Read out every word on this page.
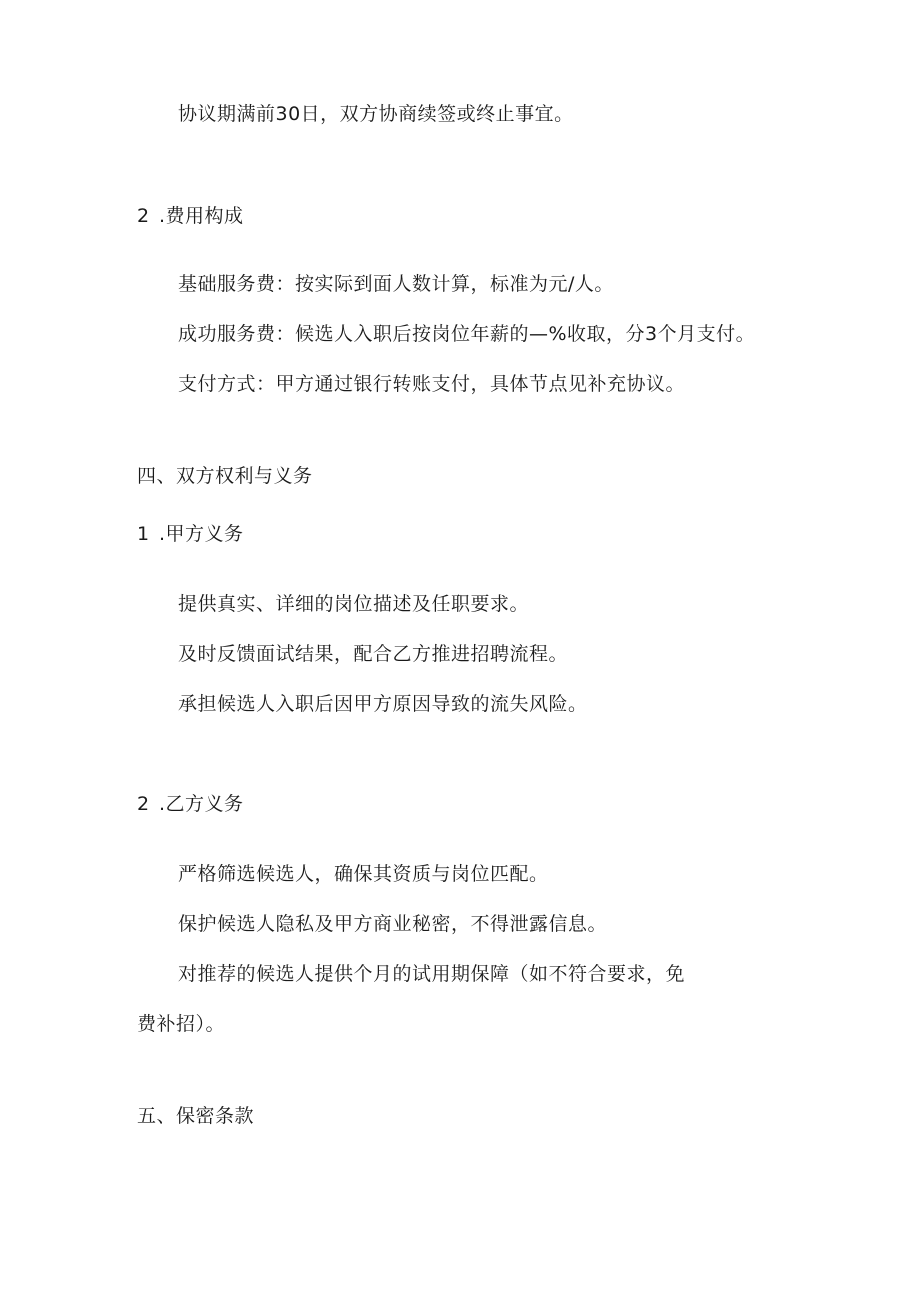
协议期满前30日，双方协商续签或终止事宜。
2 .费用构成
基础服务费：按实际到面人数计算，标准为元/人。
成功服务费：候选人入职后按岗位年薪的—%收取，分3个月支付。
支付方式：甲方通过银行转账支付，具体节点见补充协议。
四、双方权利与义务
1 .甲方义务
提供真实、详细的岗位描述及任职要求。
及时反馈面试结果，配合乙方推进招聘流程。
承担候选人入职后因甲方原因导致的流失风险。
2 .乙方义务
严格筛选候选人，确保其资质与岗位匹配。
保护候选人隐私及甲方商业秘密，不得泄露信息。
对推荐的候选人提供个月的试用期保障（如不符合要求，免
费补招）。
五、保密条款
